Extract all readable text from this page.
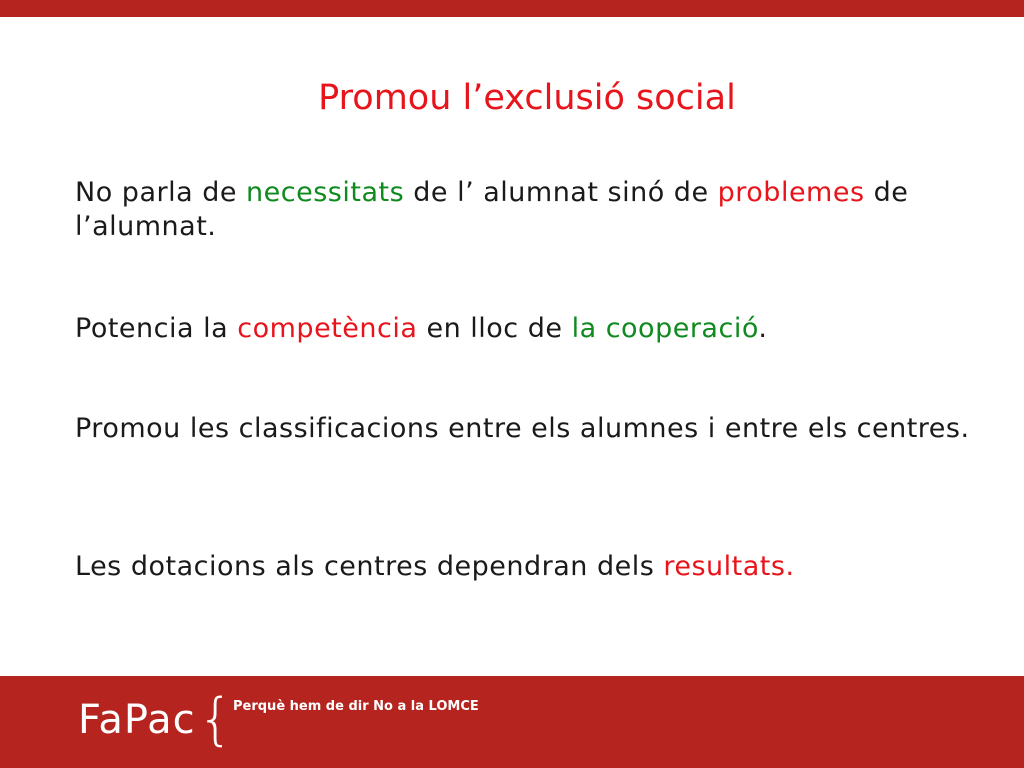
Promou l’exclusió social

No parla de necessitats de l’ alumnat sinó de problemes de l’alumnat.

Potencia la competència en lloc de la cooperació.

Promou les classificacions entre els alumnes i entre els centres.

Les dotacions als centres dependran dels resultats.

FaPac { Perquè hem de dir No a la LOMCE
